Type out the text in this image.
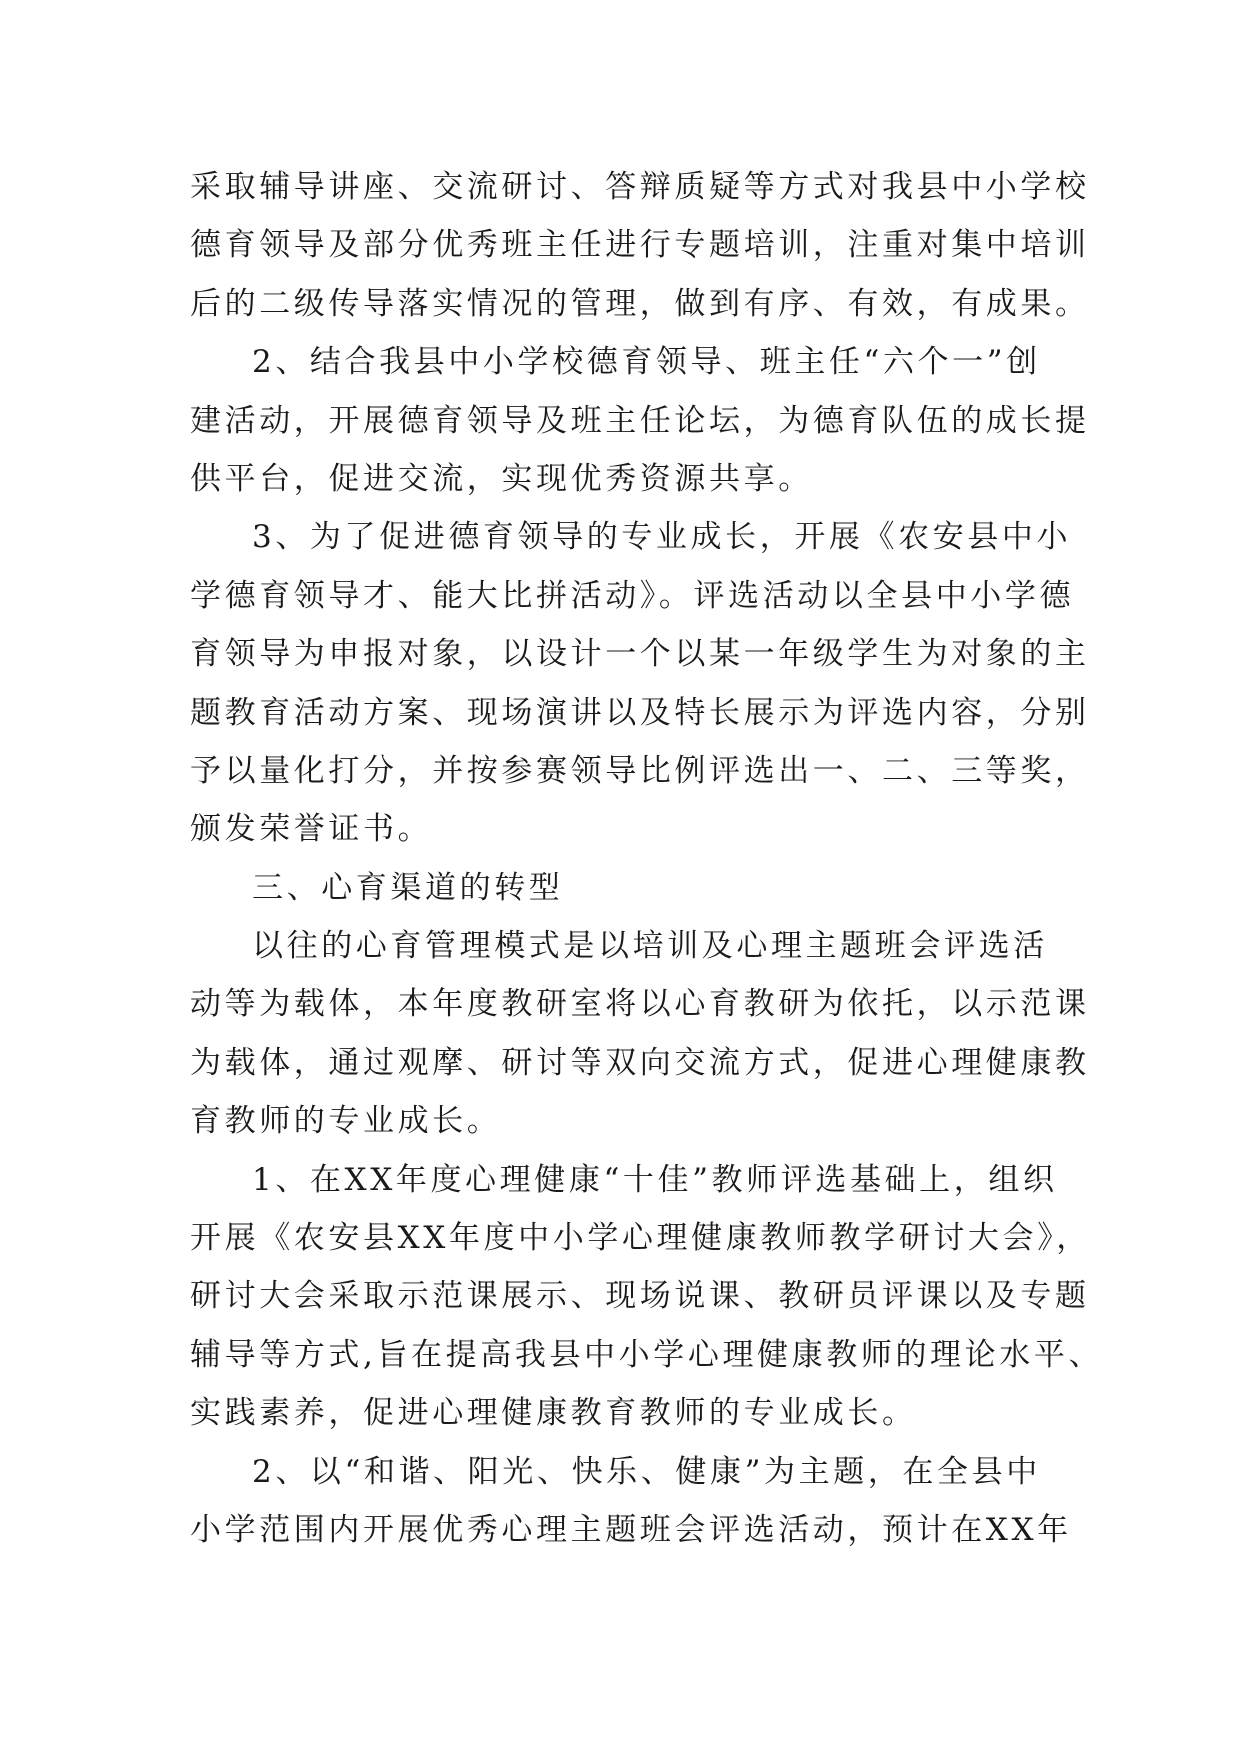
采取辅导讲座、交流研讨、答辩质疑等方式对我县中小学校
德育领导及部分优秀班主任进行专题培训，注重对集中培训
后的二级传导落实情况的管理，做到有序、有效，有成果。
2、结合我县中小学校德育领导、班主任“六个一”创
建活动，开展德育领导及班主任论坛，为德育队伍的成长提
供平台，促进交流，实现优秀资源共享。
3、为了促进德育领导的专业成长，开展《农安县中小
学德育领导才、能大比拼活动》。评选活动以全县中小学德
育领导为申报对象，以设计一个以某一年级学生为对象的主
题教育活动方案、现场演讲以及特长展示为评选内容，分别
予以量化打分，并按参赛领导比例评选出一、二、三等奖，
颁发荣誉证书。
三、心育渠道的转型
以往的心育管理模式是以培训及心理主题班会评选活
动等为载体，本年度教研室将以心育教研为依托，以示范课
为载体，通过观摩、研讨等双向交流方式，促进心理健康教
育教师的专业成长。
1、在XX年度心理健康“十佳”教师评选基础上，组织
开展《农安县XX年度中小学心理健康教师教学研讨大会》，
研讨大会采取示范课展示、现场说课、教研员评课以及专题
辅导等方式,旨在提高我县中小学心理健康教师的理论水平、
实践素养，促进心理健康教育教师的专业成长。
2、以“和谐、阳光、快乐、健康”为主题，在全县中
小学范围内开展优秀心理主题班会评选活动，预计在XX年
